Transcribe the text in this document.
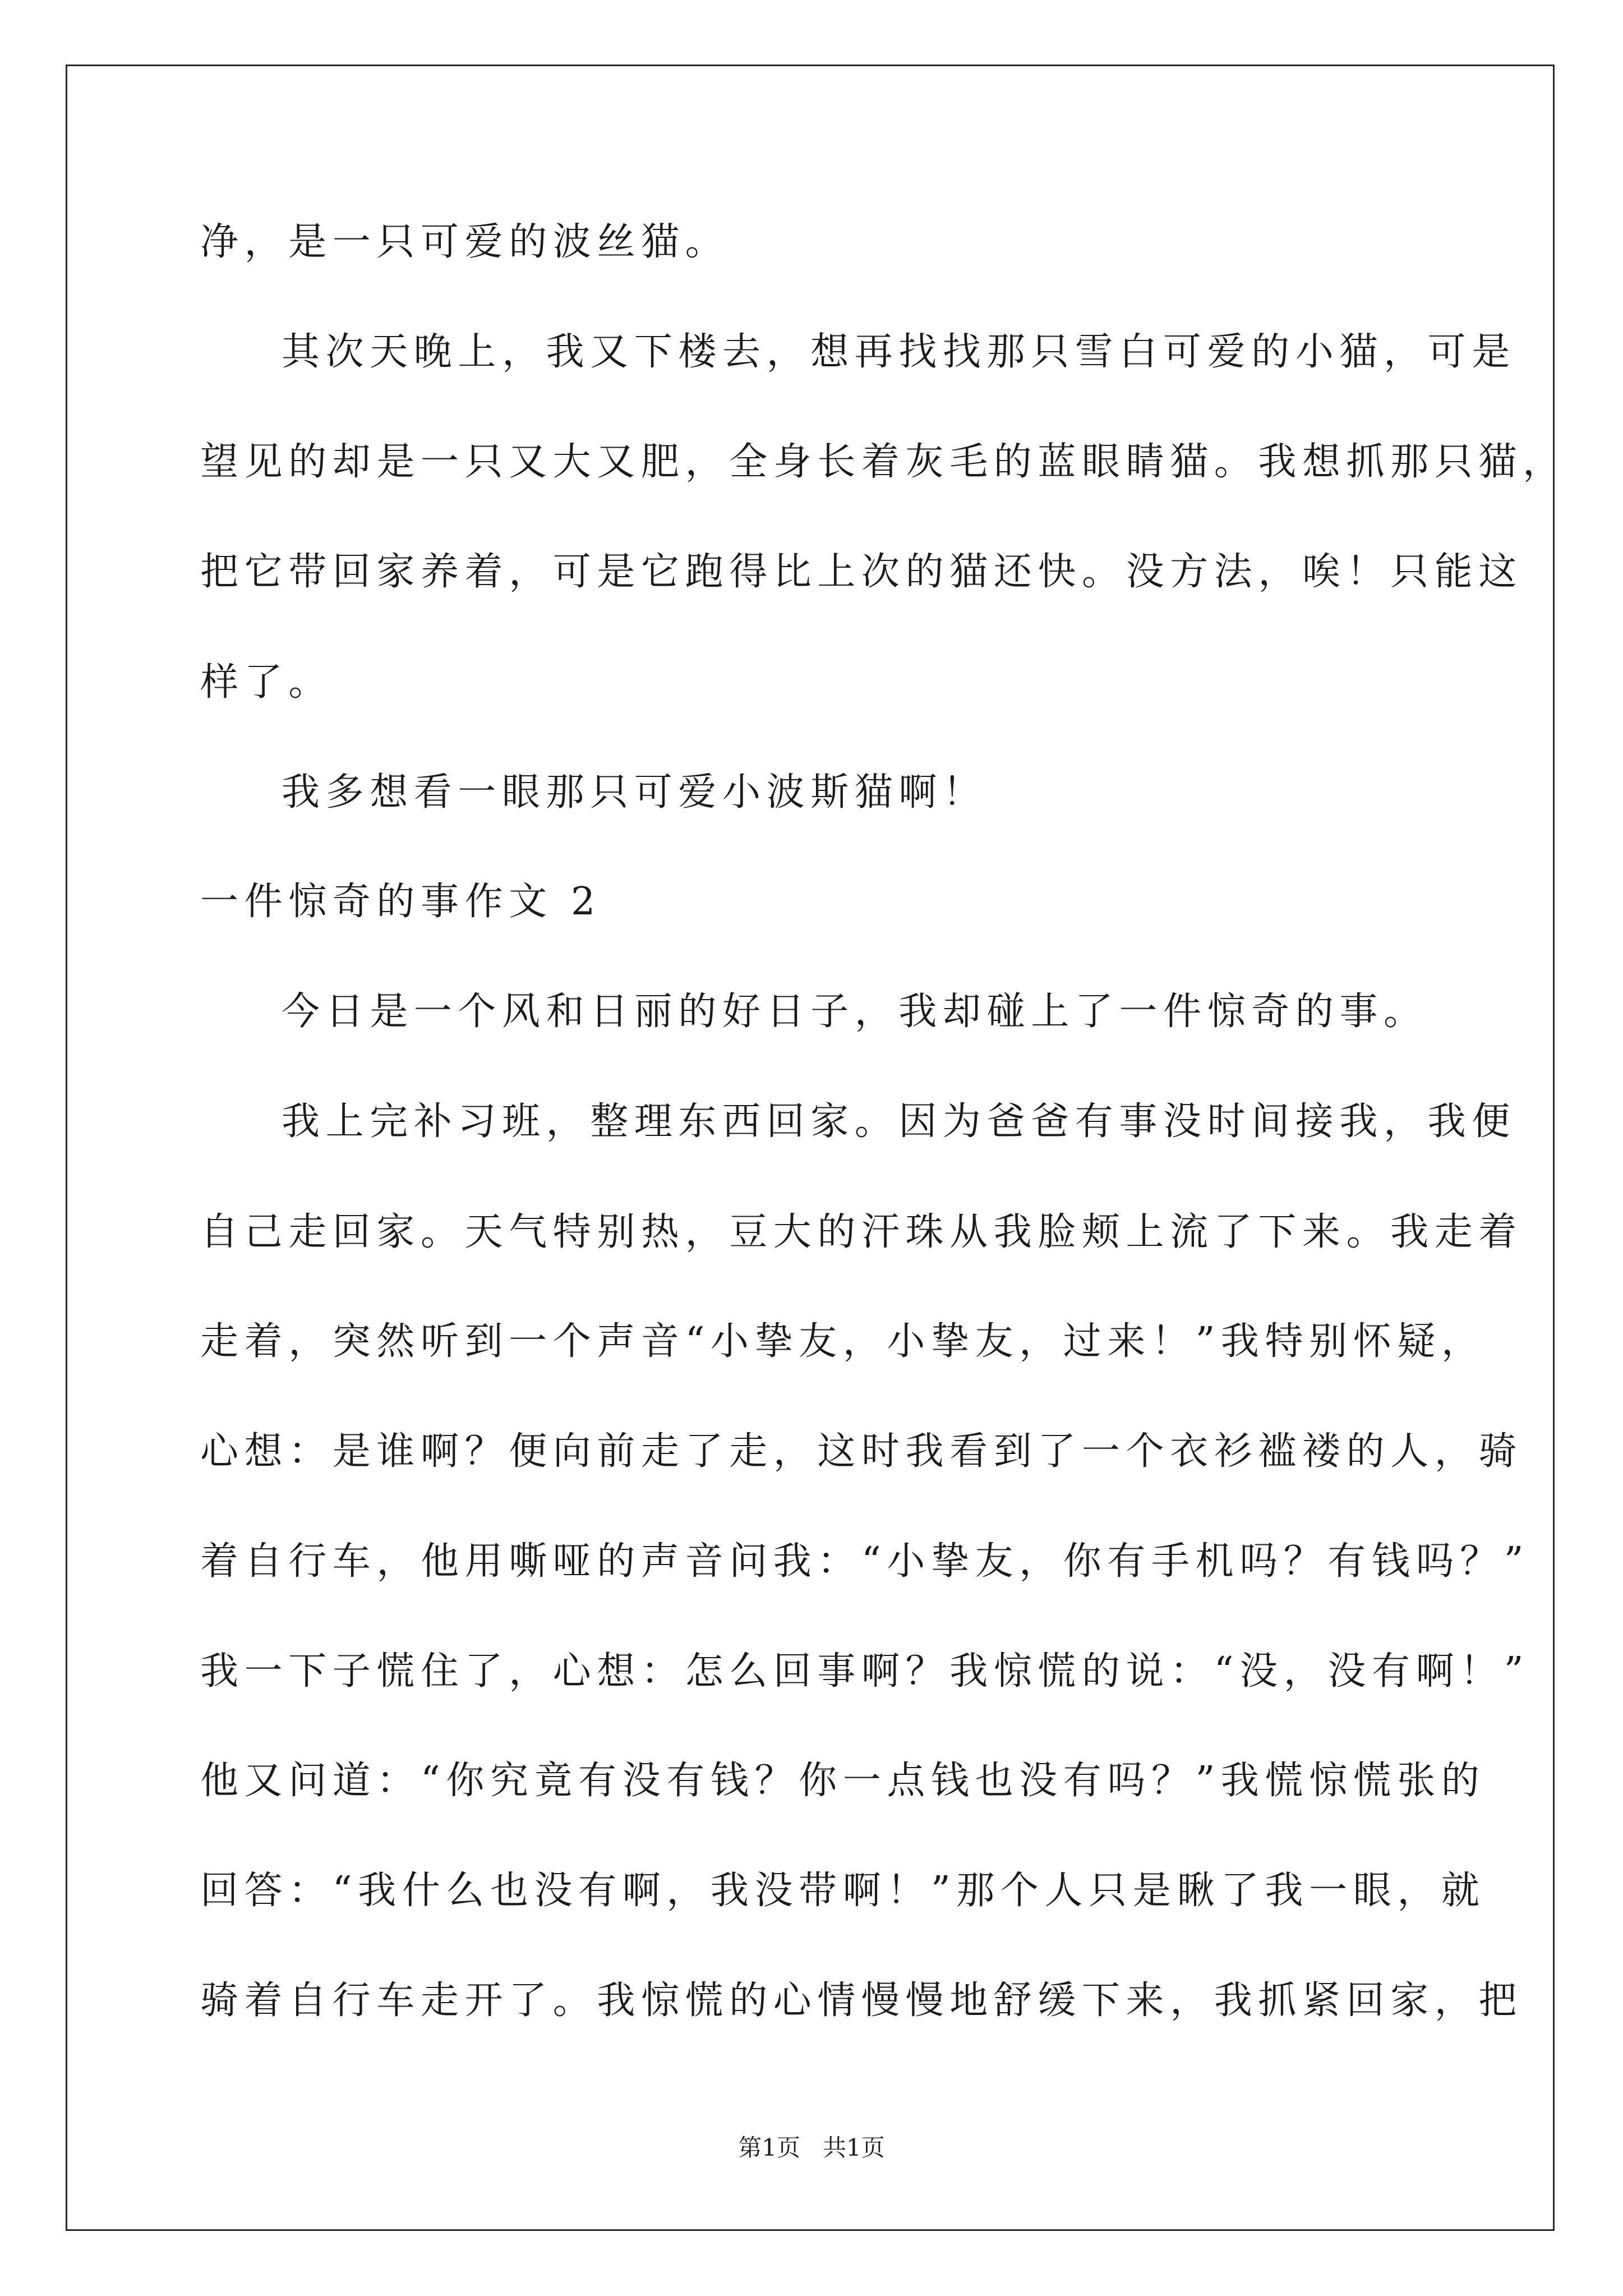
净，是一只可爱的波丝猫。

其次天晚上，我又下楼去，想再找找那只雪白可爱的小猫，可是

望见的却是一只又大又肥，全身长着灰毛的蓝眼睛猫。我想抓那只猫，

把它带回家养着，可是它跑得比上次的猫还快。没方法，唉！只能这

样了。

我多想看一眼那只可爱小波斯猫啊！

一件惊奇的事作文 2

今日是一个风和日丽的好日子，我却碰上了一件惊奇的事。

我上完补习班，整理东西回家。因为爸爸有事没时间接我，我便

自己走回家。天气特别热，豆大的汗珠从我脸颊上流了下来。我走着

走着，突然听到一个声音“小挚友，小挚友，过来！”我特别怀疑，

心想：是谁啊？便向前走了走，这时我看到了一个衣衫褴褛的人，骑

着自行车，他用嘶哑的声音问我：“小挚友，你有手机吗？有钱吗？”

我一下子慌住了，心想：怎么回事啊？我惊慌的说：“没，没有啊！”

他又问道：“你究竟有没有钱？你一点钱也没有吗？”我慌惊慌张的

回答：“我什么也没有啊，我没带啊！”那个人只是瞅了我一眼，就

骑着自行车走开了。我惊慌的心情慢慢地舒缓下来，我抓紧回家，把

第1页   共1页
